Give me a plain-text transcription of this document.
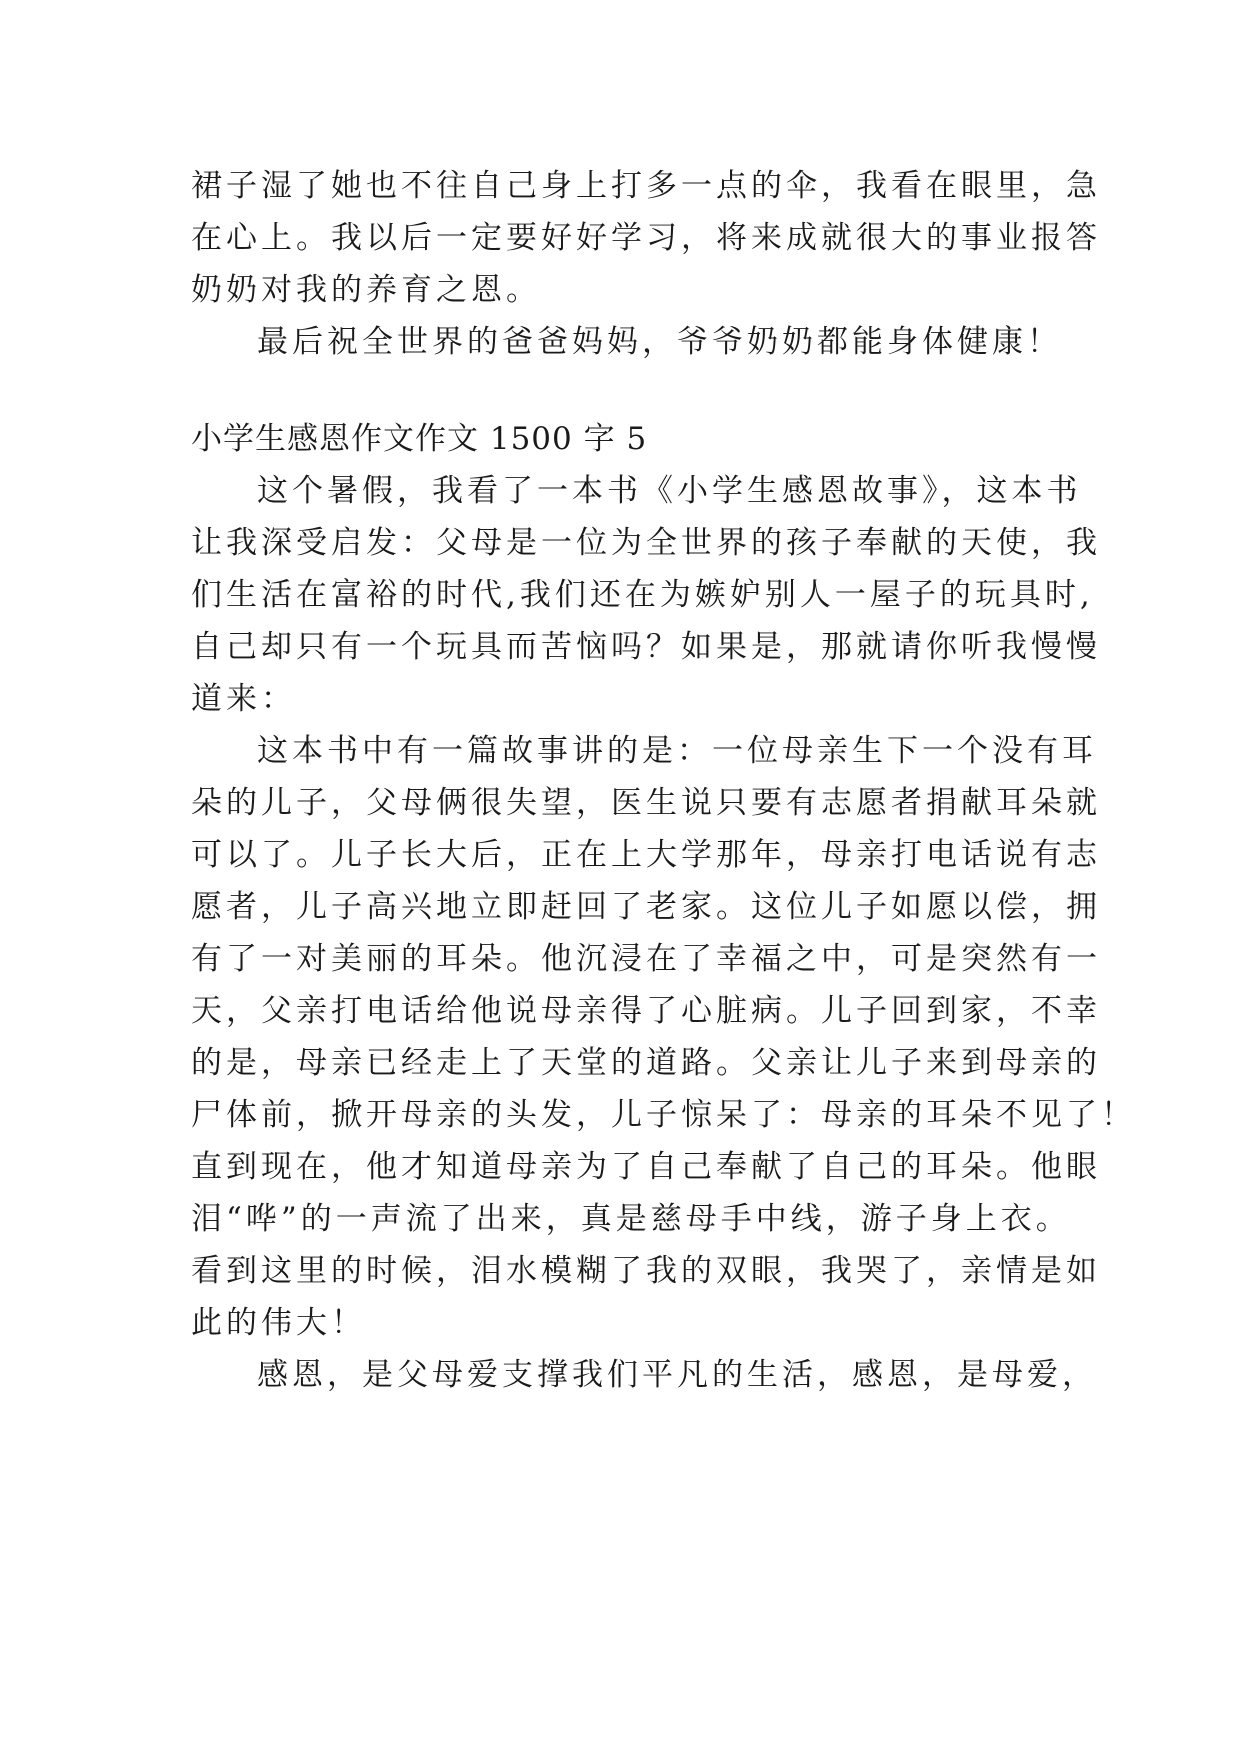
裙子湿了她也不往自己身上打多一点的伞，我看在眼里，急
在心上。我以后一定要好好学习，将来成就很大的事业报答
奶奶对我的养育之恩。
最后祝全世界的爸爸妈妈，爷爷奶奶都能身体健康！
小学生感恩作文作文 1500 字 5
这个暑假，我看了一本书《小学生感恩故事》，这本书
让我深受启发：父母是一位为全世界的孩子奉献的天使，我
们生活在富裕的时代,我们还在为嫉妒别人一屋子的玩具时,
自己却只有一个玩具而苦恼吗？如果是，那就请你听我慢慢
道来：
这本书中有一篇故事讲的是：一位母亲生下一个没有耳
朵的儿子，父母俩很失望，医生说只要有志愿者捐献耳朵就
可以了。儿子长大后，正在上大学那年，母亲打电话说有志
愿者，儿子高兴地立即赶回了老家。这位儿子如愿以偿，拥
有了一对美丽的耳朵。他沉浸在了幸福之中，可是突然有一
天，父亲打电话给他说母亲得了心脏病。儿子回到家，不幸
的是，母亲已经走上了天堂的道路。父亲让儿子来到母亲的
尸体前，掀开母亲的头发，儿子惊呆了：母亲的耳朵不见了！
直到现在，他才知道母亲为了自己奉献了自己的耳朵。他眼
泪“哗”的一声流了出来，真是慈母手中线，游子身上衣。
看到这里的时候，泪水模糊了我的双眼，我哭了，亲情是如
此的伟大！
感恩，是父母爱支撑我们平凡的生活，感恩，是母爱，
